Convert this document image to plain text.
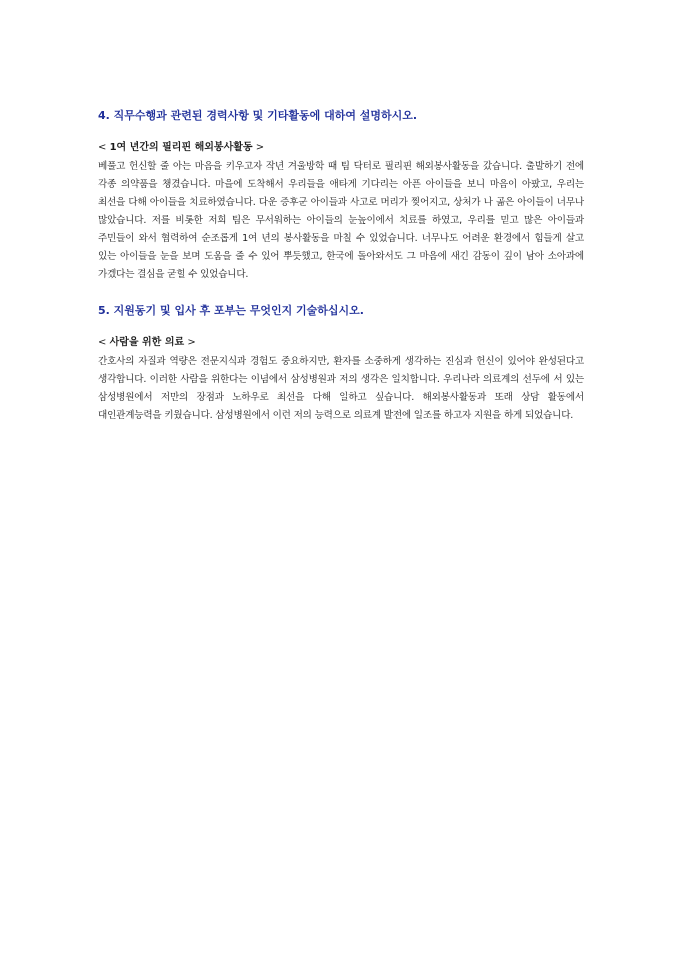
4. 직무수행과 관련된 경력사항 및 기타활동에 대하여 설명하시오.

< 1여 년간의 필리핀 해외봉사활동 >

베풀고 헌신할 줄 아는 마음을 키우고자 작년 겨울방학 때 팀 닥터로 필리핀 해외봉사활동을 갔습니다. 출발하기 전에 각종 의약품을 챙겼습니다. 마을에 도착해서 우리들을 애타게 기다리는 아픈 아이들을 보니 마음이 아팠고, 우리는 최선을 다해 아이들을 치료하였습니다. 다운 증후군 아이들과 사고로 머리가 찢어지고, 상처가 나 곪은 아이들이 너무나 많았습니다. 저를 비롯한 저희 팀은 무서워하는 아이들의 눈높이에서 치료를 하였고, 우리를 믿고 많은 아이들과 주민들이 와서 협력하여 순조롭게 1여 년의 봉사활동을 마칠 수 있었습니다. 너무나도 어려운 환경에서 힘들게 살고 있는 아이들을 눈을 보며 도움을 줄 수 있어 뿌듯했고, 한국에 돌아와서도 그 마음에 새긴 감동이 깊이 남아 소아과에 가겠다는 결심을 굳힐 수 있었습니다.

5. 지원동기 및 입사 후 포부는 무엇인지 기술하십시오.

< 사람을 위한 의료 >

간호사의 자질과 역량은 전문지식과 경험도 중요하지만, 환자를 소중하게 생각하는 진심과 헌신이 있어야 완성된다고 생각합니다. 이러한 사람을 위한다는 이념에서 삼성병원과 저의 생각은 일치합니다. 우리나라 의료계의 선두에 서 있는 삼성병원에서 저만의 장점과 노하우로 최선을 다해 일하고 싶습니다. 해외봉사활동과 또래 상담 활동에서 대인관계능력을 키웠습니다. 삼성병원에서 이런 저의 능력으로 의료계 발전에 일조를 하고자 지원을 하게 되었습니다.
